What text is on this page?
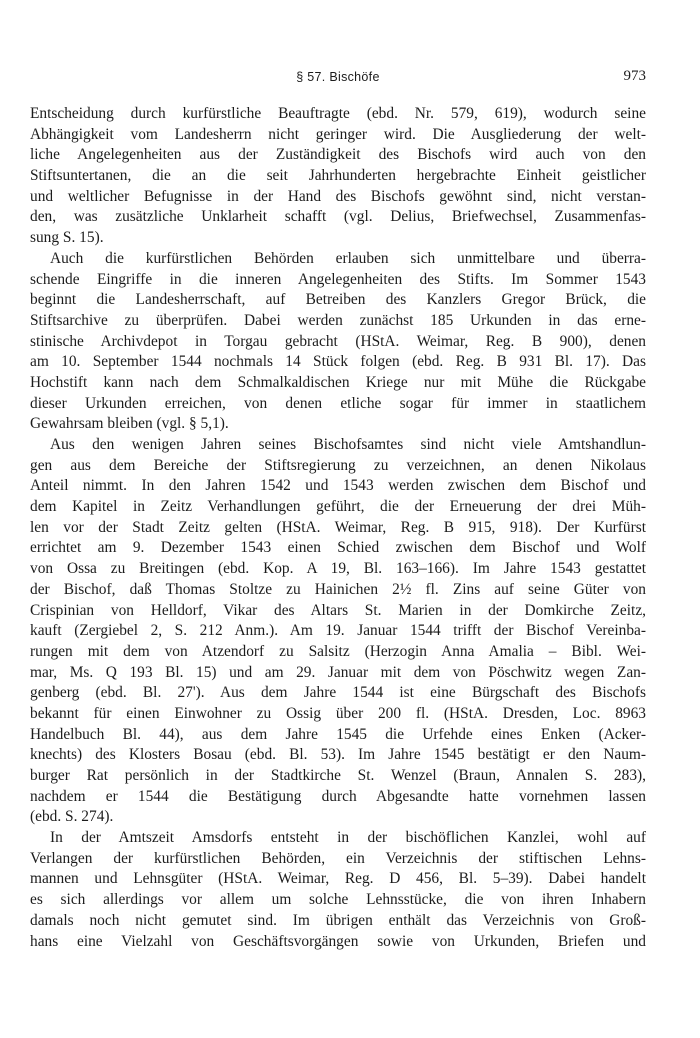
§ 57. Bischöfe	973
Entscheidung durch kurfürstliche Beauftragte (ebd. Nr. 579, 619), wodurch seine
Abhängigkeit vom Landesherrn nicht geringer wird. Die Ausgliederung der welt-
liche Angelegenheiten aus der Zuständigkeit des Bischofs wird auch von den
Stiftsuntertanen, die an die seit Jahrhunderten hergebrachte Einheit geistlicher
und weltlicher Befugnisse in der Hand des Bischofs gewöhnt sind, nicht verstan-
den, was zusätzliche Unklarheit schafft (vgl. Delius, Briefwechsel, Zusammenfas-
sung S. 15).
Auch die kurfürstlichen Behörden erlauben sich unmittelbare und überra-
schende Eingriffe in die inneren Angelegenheiten des Stifts. Im Sommer 1543
beginnt die Landesherrschaft, auf Betreiben des Kanzlers Gregor Brück, die
Stiftsarchive zu überprüfen. Dabei werden zunächst 185 Urkunden in das erne-
stinische Archivdepot in Torgau gebracht (HStA. Weimar, Reg. B 900), denen
am 10. September 1544 nochmals 14 Stück folgen (ebd. Reg. B 931 Bl. 17). Das
Hochstift kann nach dem Schmalkaldischen Kriege nur mit Mühe die Rückgabe
dieser Urkunden erreichen, von denen etliche sogar für immer in staatlichem
Gewahrsam bleiben (vgl. § 5,1).
Aus den wenigen Jahren seines Bischofsamtes sind nicht viele Amtshandlun-
gen aus dem Bereiche der Stiftsregierung zu verzeichnen, an denen Nikolaus
Anteil nimmt. In den Jahren 1542 und 1543 werden zwischen dem Bischof und
dem Kapitel in Zeitz Verhandlungen geführt, die der Erneuerung der drei Müh-
len vor der Stadt Zeitz gelten (HStA. Weimar, Reg. B 915, 918). Der Kurfürst
errichtet am 9. Dezember 1543 einen Schied zwischen dem Bischof und Wolf
von Ossa zu Breitingen (ebd. Kop. A 19, Bl. 163–166). Im Jahre 1543 gestattet
der Bischof, daß Thomas Stoltze zu Hainichen 2½ fl. Zins auf seine Güter von
Crispinian von Helldorf, Vikar des Altars St. Marien in der Domkirche Zeitz,
kauft (Zergiebel 2, S. 212 Anm.). Am 19. Januar 1544 trifft der Bischof Vereinba-
rungen mit dem von Atzendorf zu Salsitz (Herzogin Anna Amalia – Bibl. Wei-
mar, Ms. Q 193 Bl. 15) und am 29. Januar mit dem von Pöschwitz wegen Zan-
genberg (ebd. Bl. 27'). Aus dem Jahre 1544 ist eine Bürgschaft des Bischofs
bekannt für einen Einwohner zu Ossig über 200 fl. (HStA. Dresden, Loc. 8963
Handelbuch Bl. 44), aus dem Jahre 1545 die Urfehde eines Enken (Acker-
knechts) des Klosters Bosau (ebd. Bl. 53). Im Jahre 1545 bestätigt er den Naum-
burger Rat persönlich in der Stadtkirche St. Wenzel (Braun, Annalen S. 283),
nachdem er 1544 die Bestätigung durch Abgesandte hatte vornehmen lassen
(ebd. S. 274).
In der Amtszeit Amsdorfs entsteht in der bischöflichen Kanzlei, wohl auf
Verlangen der kurfürstlichen Behörden, ein Verzeichnis der stiftischen Lehns-
mannen und Lehnsgüter (HStA. Weimar, Reg. D 456, Bl. 5–39). Dabei handelt
es sich allerdings vor allem um solche Lehnsstücke, die von ihren Inhabern
damals noch nicht gemutet sind. Im übrigen enthält das Verzeichnis von Groß-
hans eine Vielzahl von Geschäftsvorgängen sowie von Urkunden, Briefen und
